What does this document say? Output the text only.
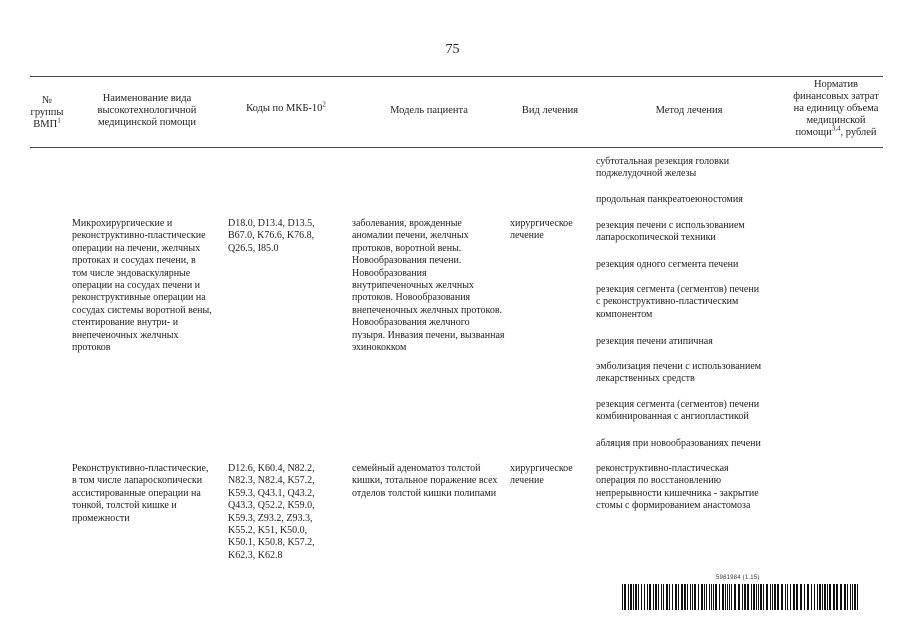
75
№
группы
ВМП$^1$
Наименование вида
высокотехнологичной
медицинской помощи
Коды по МКБ-$10^2$
Модель пациента	Вид лечения	Метод лечения
Норматив
финансовых затрат
на единицу объема
медицинской
помощи$^{3,4}$, рублей
субтотальная резекция головки
поджелудочной железы
продольная панкреатоеюностомия
Микрохирургические и
реконструктивно-пластические
операции на печени, желчных
протоках и сосудах печени, в
том числе эндоваскулярные
операции на сосудах печени и
реконструктивные операции на
сосудах системы воротной вены,
стентирование внутри- и
внепеченочных желчных
протоков
D18.0, D13.4, D13.5,
B67.0, K76.6, K76.8,
Q26.5, I85.0
заболевания, врожденные
аномалии печени, желчных
протоков, воротной вены.
Новообразования печени.
Новообразования
внутрипеченочных желчных
протоков. Новообразования
внепеченочных желчных протоков.
Новообразования желчного
пузыря. Инвазия печени, вызванная
эхинококком
хирургическое
лечение
резекция печени с использованием
лапароскопической техники
резекция одного сегмента печени
резекция сегмента (сегментов) печени
с реконструктивно-пластическим
компонентом
резекция печени атипичная
эмболизация печени с использованием
лекарственных средств
резекция сегмента (сегментов) печени
комбинированная с ангиопластикой
абляция при новообразованиях печени
Реконструктивно-пластические,
в том числе лапароскопически
ассистированные операции на
тонкой, толстой кишке и
промежности
D12.6, K60.4, N82.2,
N82.3, N82.4, K57.2,
K59.3, Q43.1, Q43.2,
Q43.3, Q52.2, K59.0,
K59.3, Z93.2, Z93.3,
K55.2, K51, K50.0,
K50.1, K50.8, K57.2,
K62.3, K62.8
семейный аденоматоз толстой
кишки, тотальное поражение всех
отделов толстой кишки полипами
хирургическое
лечение
реконструктивно-пластическая
операция по восстановлению
непрерывности кишечника - закрытие
стомы с формированием анастомоза
5961984 (1.15)
